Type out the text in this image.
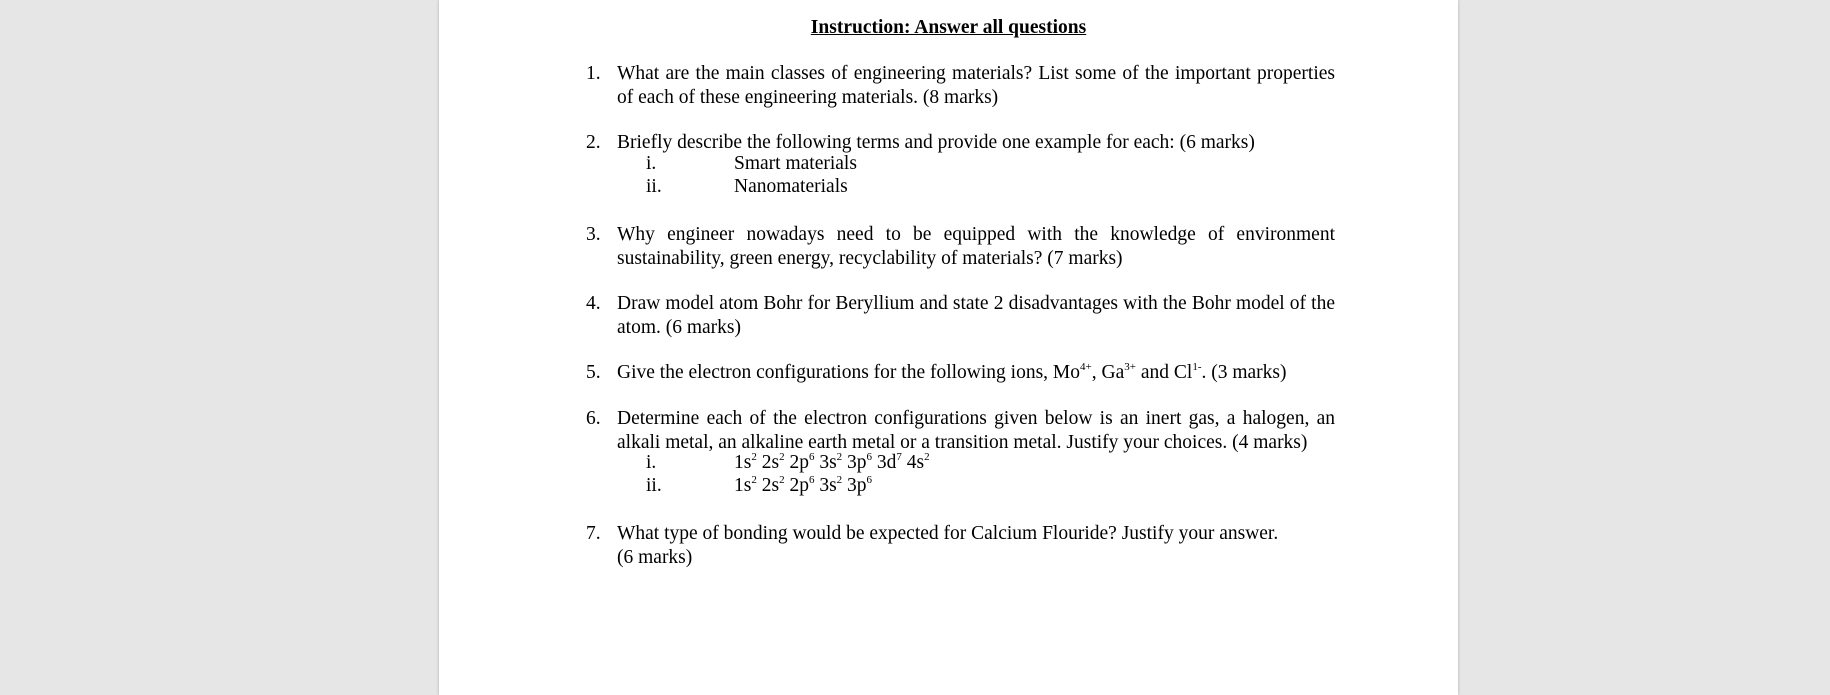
Instruction: Answer all questions
1. What are the main classes of engineering materials? List some of the important properties of each of these engineering materials. (8 marks)
2. Briefly describe the following terms and provide one example for each: (6 marks)
i.	Smart materials
ii.	Nanomaterials
3. Why engineer nowadays need to be equipped with the knowledge of environment sustainability, green energy, recyclability of materials? (7 marks)
4. Draw model atom Bohr for Beryllium and state 2 disadvantages with the Bohr model of the atom. (6 marks)
5. Give the electron configurations for the following ions, $Mo^{4+}$, $Ga^{3+}$ and $Cl^{1-}$. (3 marks)
6. Determine each of the electron configurations given below is an inert gas, a halogen, an alkali metal, an alkaline earth metal or a transition metal. Justify your choices. (4 marks)
i.	$1s^2$ $2s^2$ $2p^6$ $3s^2$ $3p^6$ $3d^7$ $4s^2$
ii.	$1s^2$ $2s^2$ $2p^6$ $3s^2$ $3p^6$
7. What type of bonding would be expected for Calcium Flouride? Justify your answer.
(6 marks)
